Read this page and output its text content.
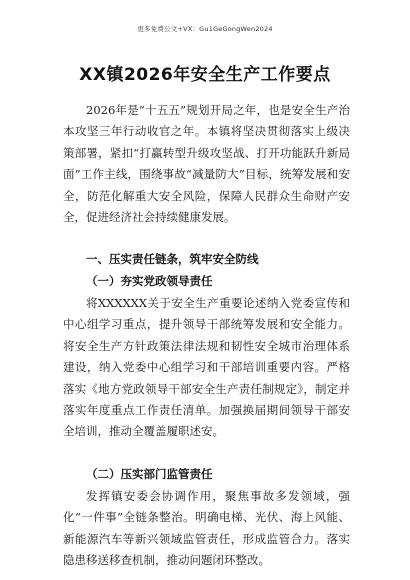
更多免费公文+VX：Gu1GeGongWen2024
XX镇2026年安全生产工作要点

2026年是“十五五”规划开局之年，也是安全生产治本攻坚三年行动收官之年。本镇将坚决贯彻落实上级决策部署，紧扣“打赢转型升级攻坚战、打开功能跃升新局面”工作主线，围绕事故“减量防大”目标，统筹发展和安全，防范化解重大安全风险，保障人民群众生命财产安全，促进经济社会持续健康发展。

一、压实责任链条，筑牢安全防线

（一）夯实党政领导责任

将XXXXXX关于安全生产重要论述纳入党委宣传和中心组学习重点，提升领导干部统筹发展和安全能力。将安全生产方针政策法律法规和韧性安全城市治理体系建设，纳入党委中心组学习和干部培训重要内容。严格落实《地方党政领导干部安全生产责任制规定》，制定并落实年度重点工作责任清单。加强换届期间领导干部安全培训，推动全覆盖履职述安。

（二）压实部门监管责任

发挥镇安委会协调作用，聚焦事故多发领域，强化“一件事”全链条整治。明确电梯、光伏、海上风能、新能源汽车等新兴领域监管责任，形成监管合力。落实隐患移送移查机制，推动问题闭环整改。
